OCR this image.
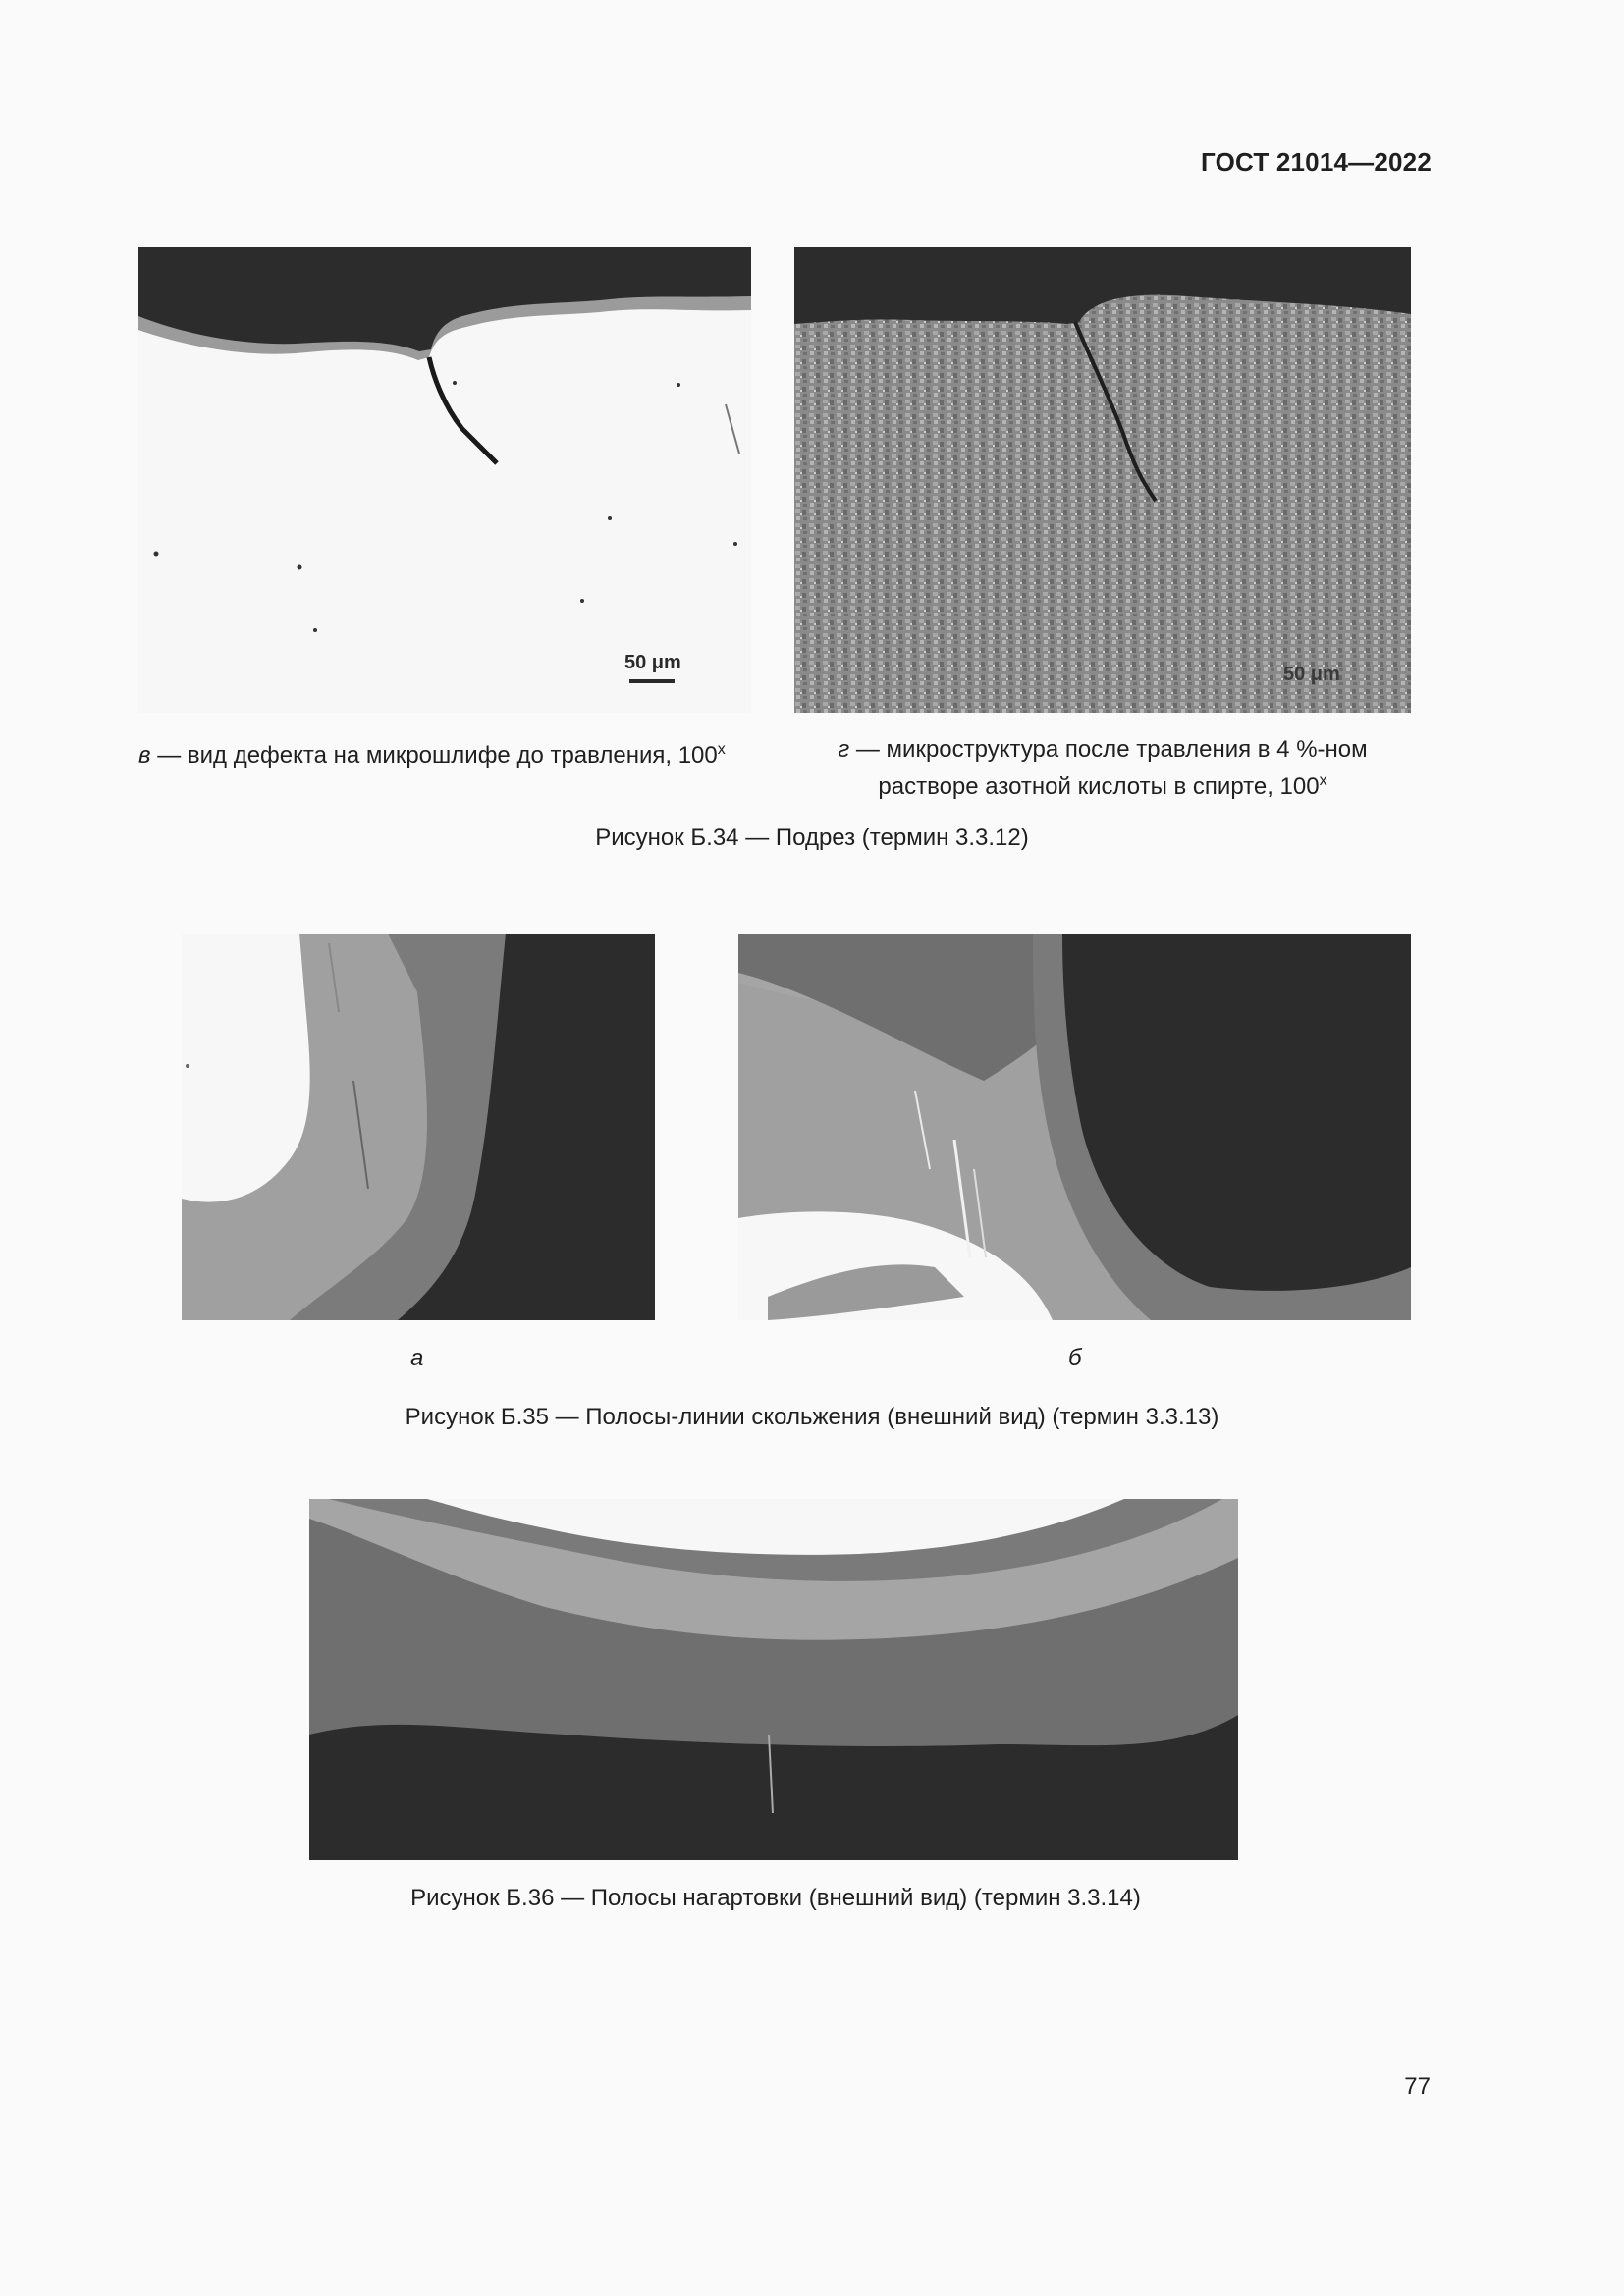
ГОСТ 21014—2022
50 μm
50 μm
в — вид дефекта на микрошлифе до травления, $100^х$	г — микроструктура после травления в 4 %-ном
растворе азотной кислоты в спирте, $100^х$
Рисунок Б.34 — Подрез (термин 3.3.12)
а	б
Рисунок Б.35 — Полосы-линии скольжения (внешний вид) (термин 3.3.13)
Рисунок Б.36 — Полосы нагартовки (внешний вид) (термин 3.3.14)
77
